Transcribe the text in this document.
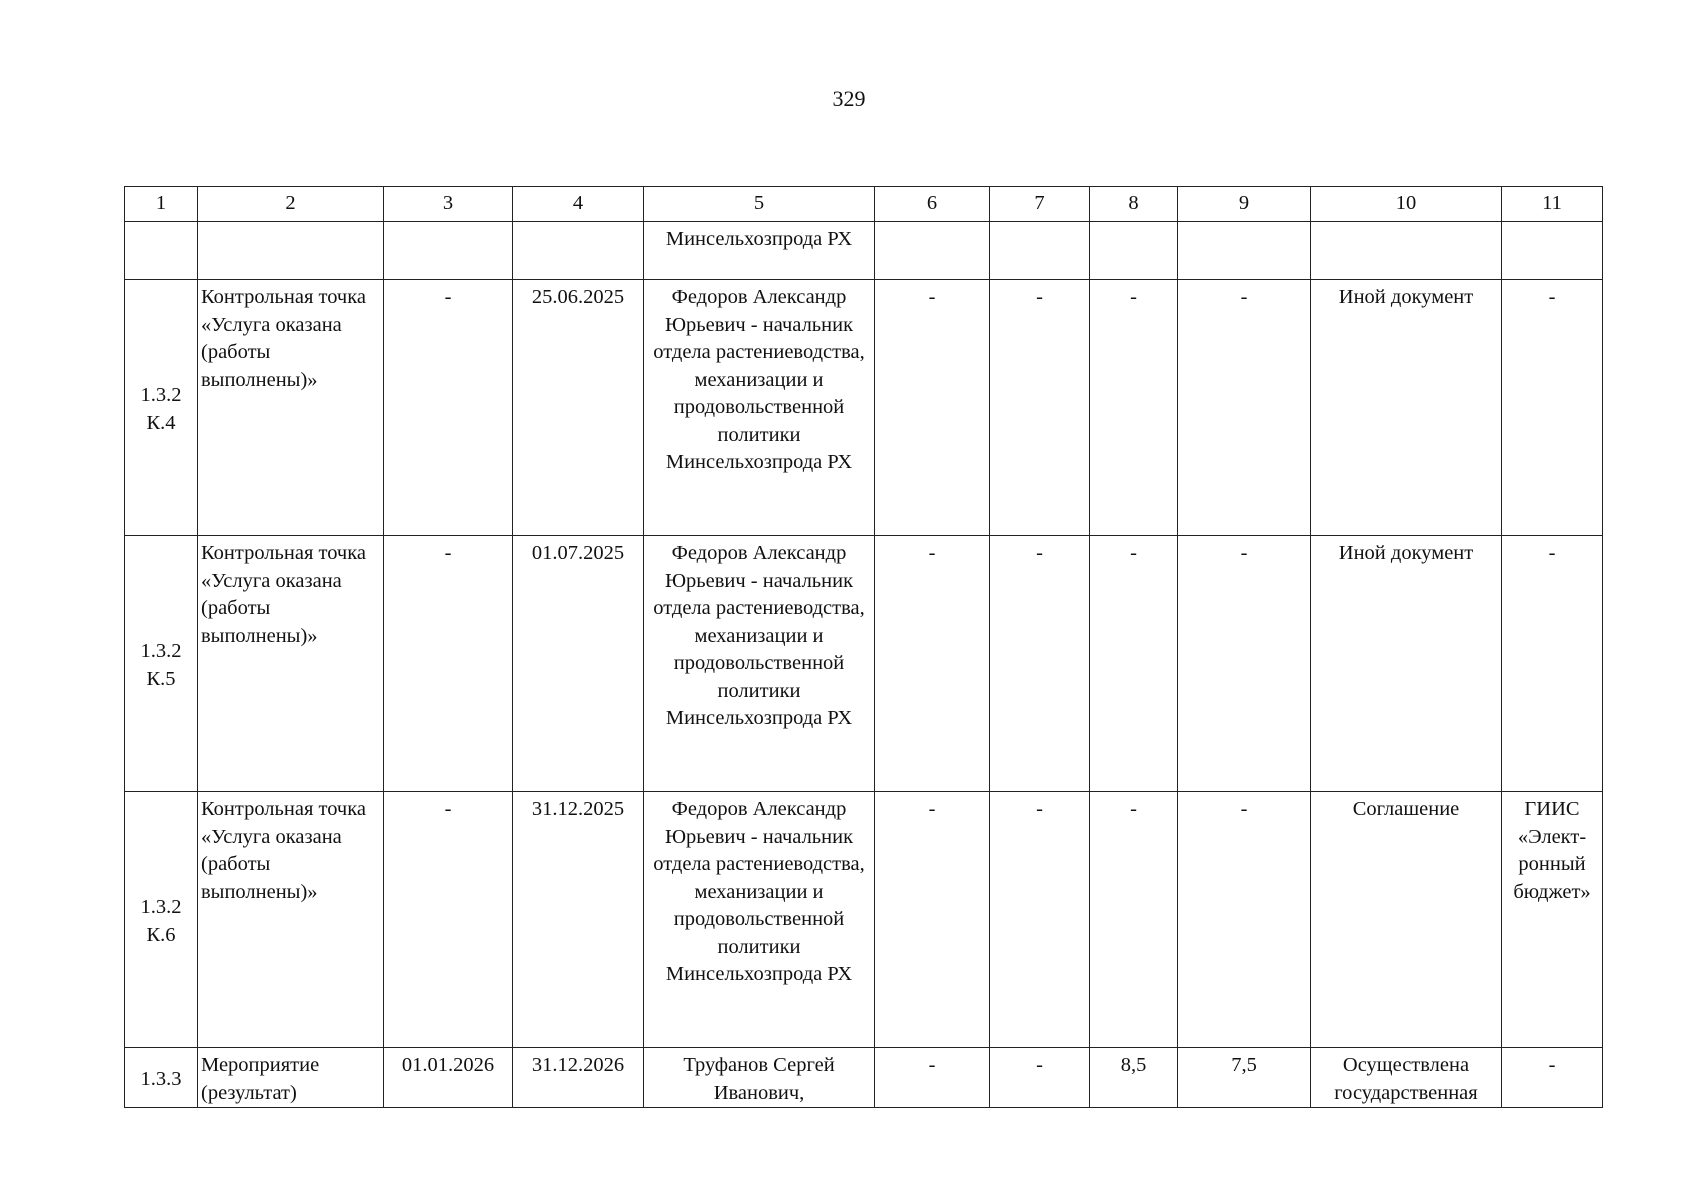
329
1	2	3	4	5	6	7	8	9	10	11
				Минсельхозпрода РХ						
1.3.2 К.4	Контрольная точка «Услуга оказана (работы выполнены)»	-	25.06.2025	Федоров Александр Юрьевич - начальник отдела растениеводства, механизации и продовольственной политики Минсельхозпрода РХ	-	-	-	-	Иной документ	-
1.3.2 К.5	Контрольная точка «Услуга оказана (работы выполнены)»	-	01.07.2025	Федоров Александр Юрьевич - начальник отдела растениеводства, механизации и продовольственной политики Минсельхозпрода РХ	-	-	-	-	Иной документ	-
1.3.2 К.6	Контрольная точка «Услуга оказана (работы выполнены)»	-	31.12.2025	Федоров Александр Юрьевич - начальник отдела растениеводства, механизации и продовольственной политики Минсельхозпрода РХ	-	-	-	-	Соглашение	ГИИС «Элект-ронный бюджет»
1.3.3	Мероприятие (результат)	01.01.2026	31.12.2026	Труфанов Сергей Иванович,	-	-	8,5	7,5	Осуществлена государственная	-
